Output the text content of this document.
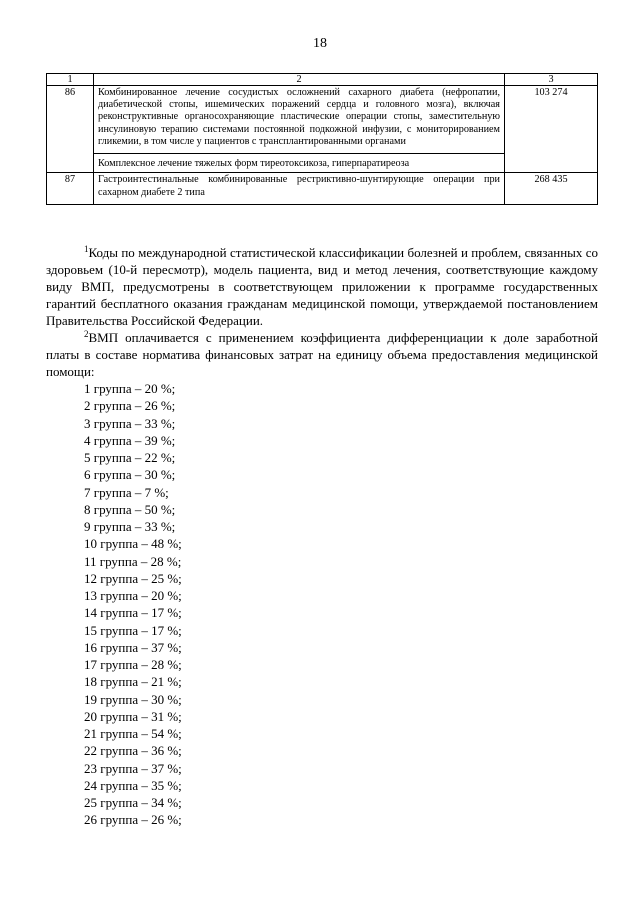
18
1	2	3
86	Комбинированное лечение сосудистых осложнений сахарного диабета (нефропатии, диабетической стопы, ишемических поражений сердца и головного мозга), включая реконструктивные органосохраняющие пластические операции стопы, заместительную инсулиновую терапию системами постоянной подкожной инфузии, с мониторированием гликемии, в том числе у пациентов с трансплантированными органами	103 274
	Комплексное лечение тяжелых форм тиреотоксикоза, гиперпаратиреоза	
87	Гастроинтестинальные комбинированные рестриктивно-шунтирующие операции при сахарном диабете 2 типа	268 435

$^1$Коды по международной статистической классификации болезней и проблем, связанных со здоровьем (10-й пересмотр), модель пациента, вид и метод лечения, соответствующие каждому виду ВМП, предусмотрены в соответствующем приложении к программе государственных гарантий бесплатного оказания гражданам медицинской помощи, утверждаемой постановлением Правительства Российской Федерации.

$^2$ВМП оплачивается с применением коэффициента дифференциации к доле заработной платы в составе норматива финансовых затрат на единицу объема предоставления медицинской помощи:

1 группа – 20 %;
2 группа – 26 %;
3 группа – 33 %;
4 группа – 39 %;
5 группа – 22 %;
6 группа – 30 %;
7 группа – 7 %;
8 группа – 50 %;
9 группа – 33 %;
10 группа – 48 %;
11 группа – 28 %;
12 группа – 25 %;
13 группа – 20 %;
14 группа – 17 %;
15 группа – 17 %;
16 группа – 37 %;
17 группа – 28 %;
18 группа – 21 %;
19 группа – 30 %;
20 группа – 31 %;
21 группа – 54 %;
22 группа – 36 %;
23 группа – 37 %;
24 группа – 35 %;
25 группа – 34 %;
26 группа – 26 %;
